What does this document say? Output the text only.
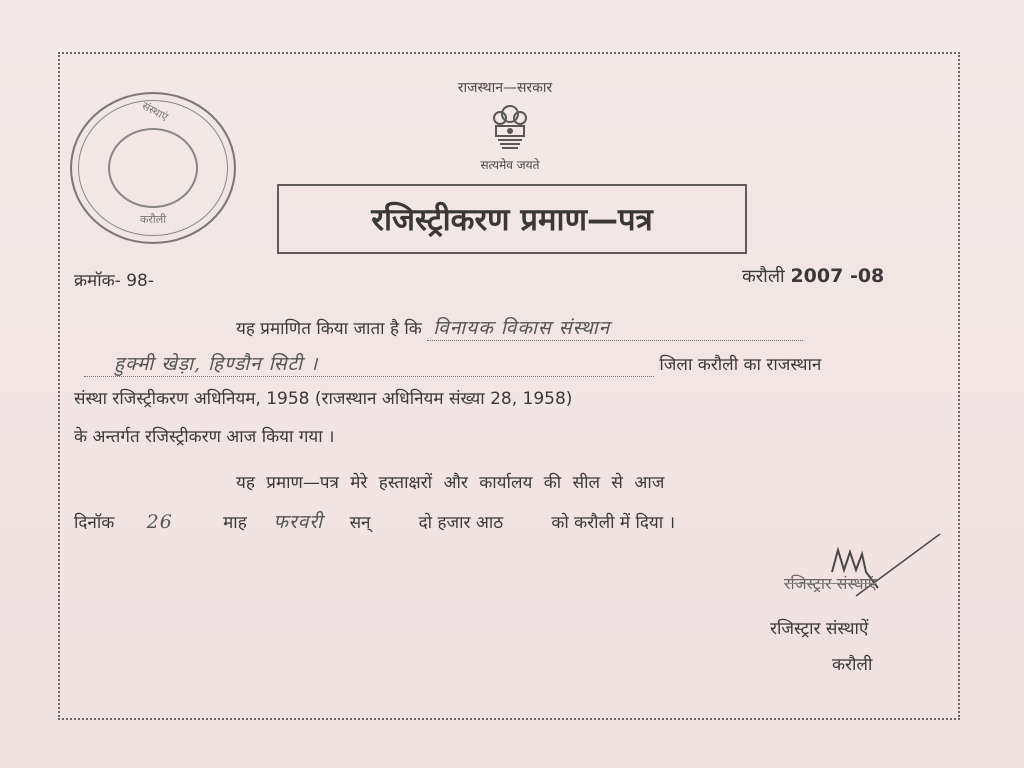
संस्थाएं
करौली
राजस्थान—सरकार
सत्यमेव जयते
रजिस्ट्रीकरण प्रमाण—पत्र
क्रमॉक- 98-	करौली 2007 -08
यह प्रमाणित किया जाता है कि विनायक विकास संस्थान
हुक्मी खेड़ा, हिण्डौन सिटी ।	जिला करौली का राजस्थान
संस्था रजिस्ट्रीकरण अधिनियम, 1958 (राजस्थान अधिनियम संख्या 28, 1958)
के अन्तर्गत रजिस्ट्रीकरण आज किया गया ।
यह प्रमाण—पत्र मेरे हस्ताक्षरों और कार्यालय की सील से आज
दिनॉक 26	माह फरवरी सन्	दो हजार आठ	को करौली में दिया ।
रजिस्ट्रार संस्थाएं
रजिस्ट्रार संस्थाऐं
करौली
